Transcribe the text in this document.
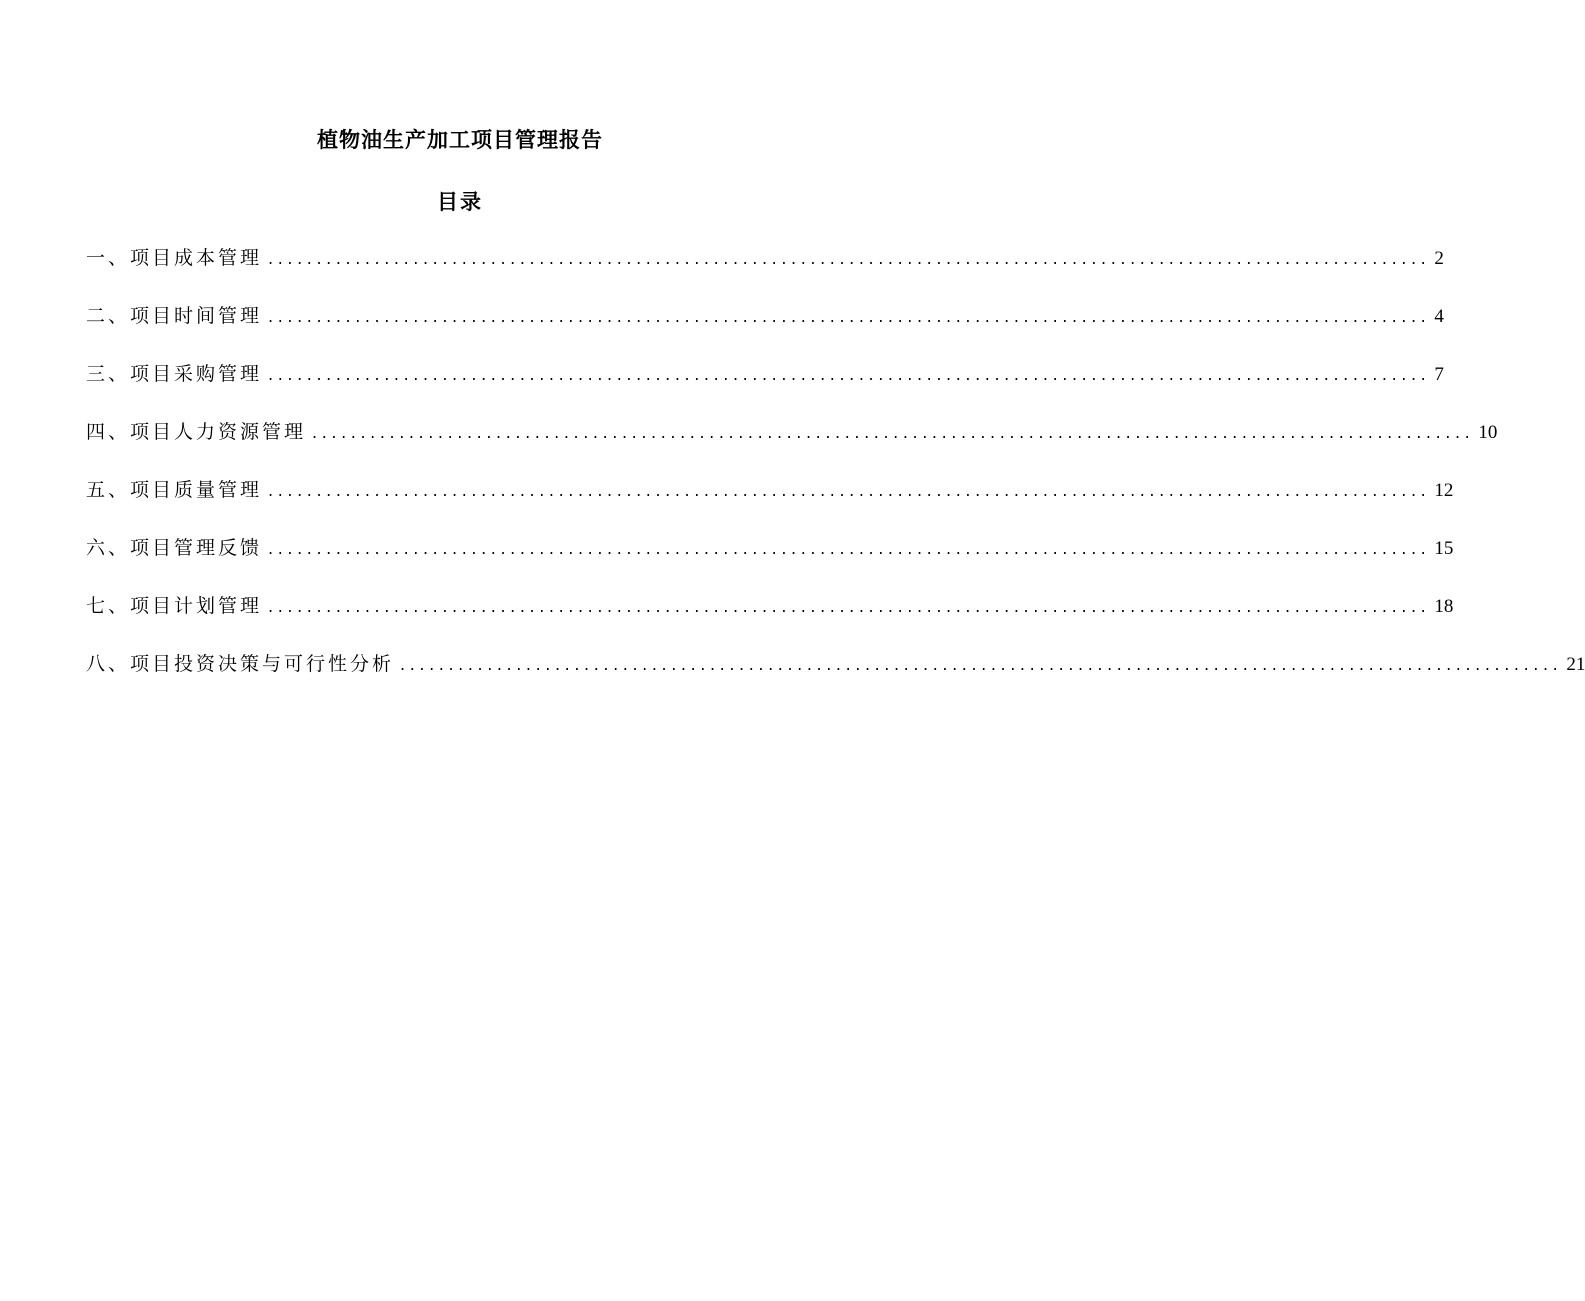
植物油生产加工项目管理报告
目录
一、项目成本管理 ........................................................................................................................ 2
二、项目时间管理 ........................................................................................................................ 4
三、项目采购管理 ........................................................................................................................ 7
四、项目人力资源管理 ........................................................................................................................ 10
五、项目质量管理 ........................................................................................................................ 12
六、项目管理反馈 ........................................................................................................................ 15
七、项目计划管理 ........................................................................................................................ 18
八、项目投资决策与可行性分析 ........................................................................................................................ 21
